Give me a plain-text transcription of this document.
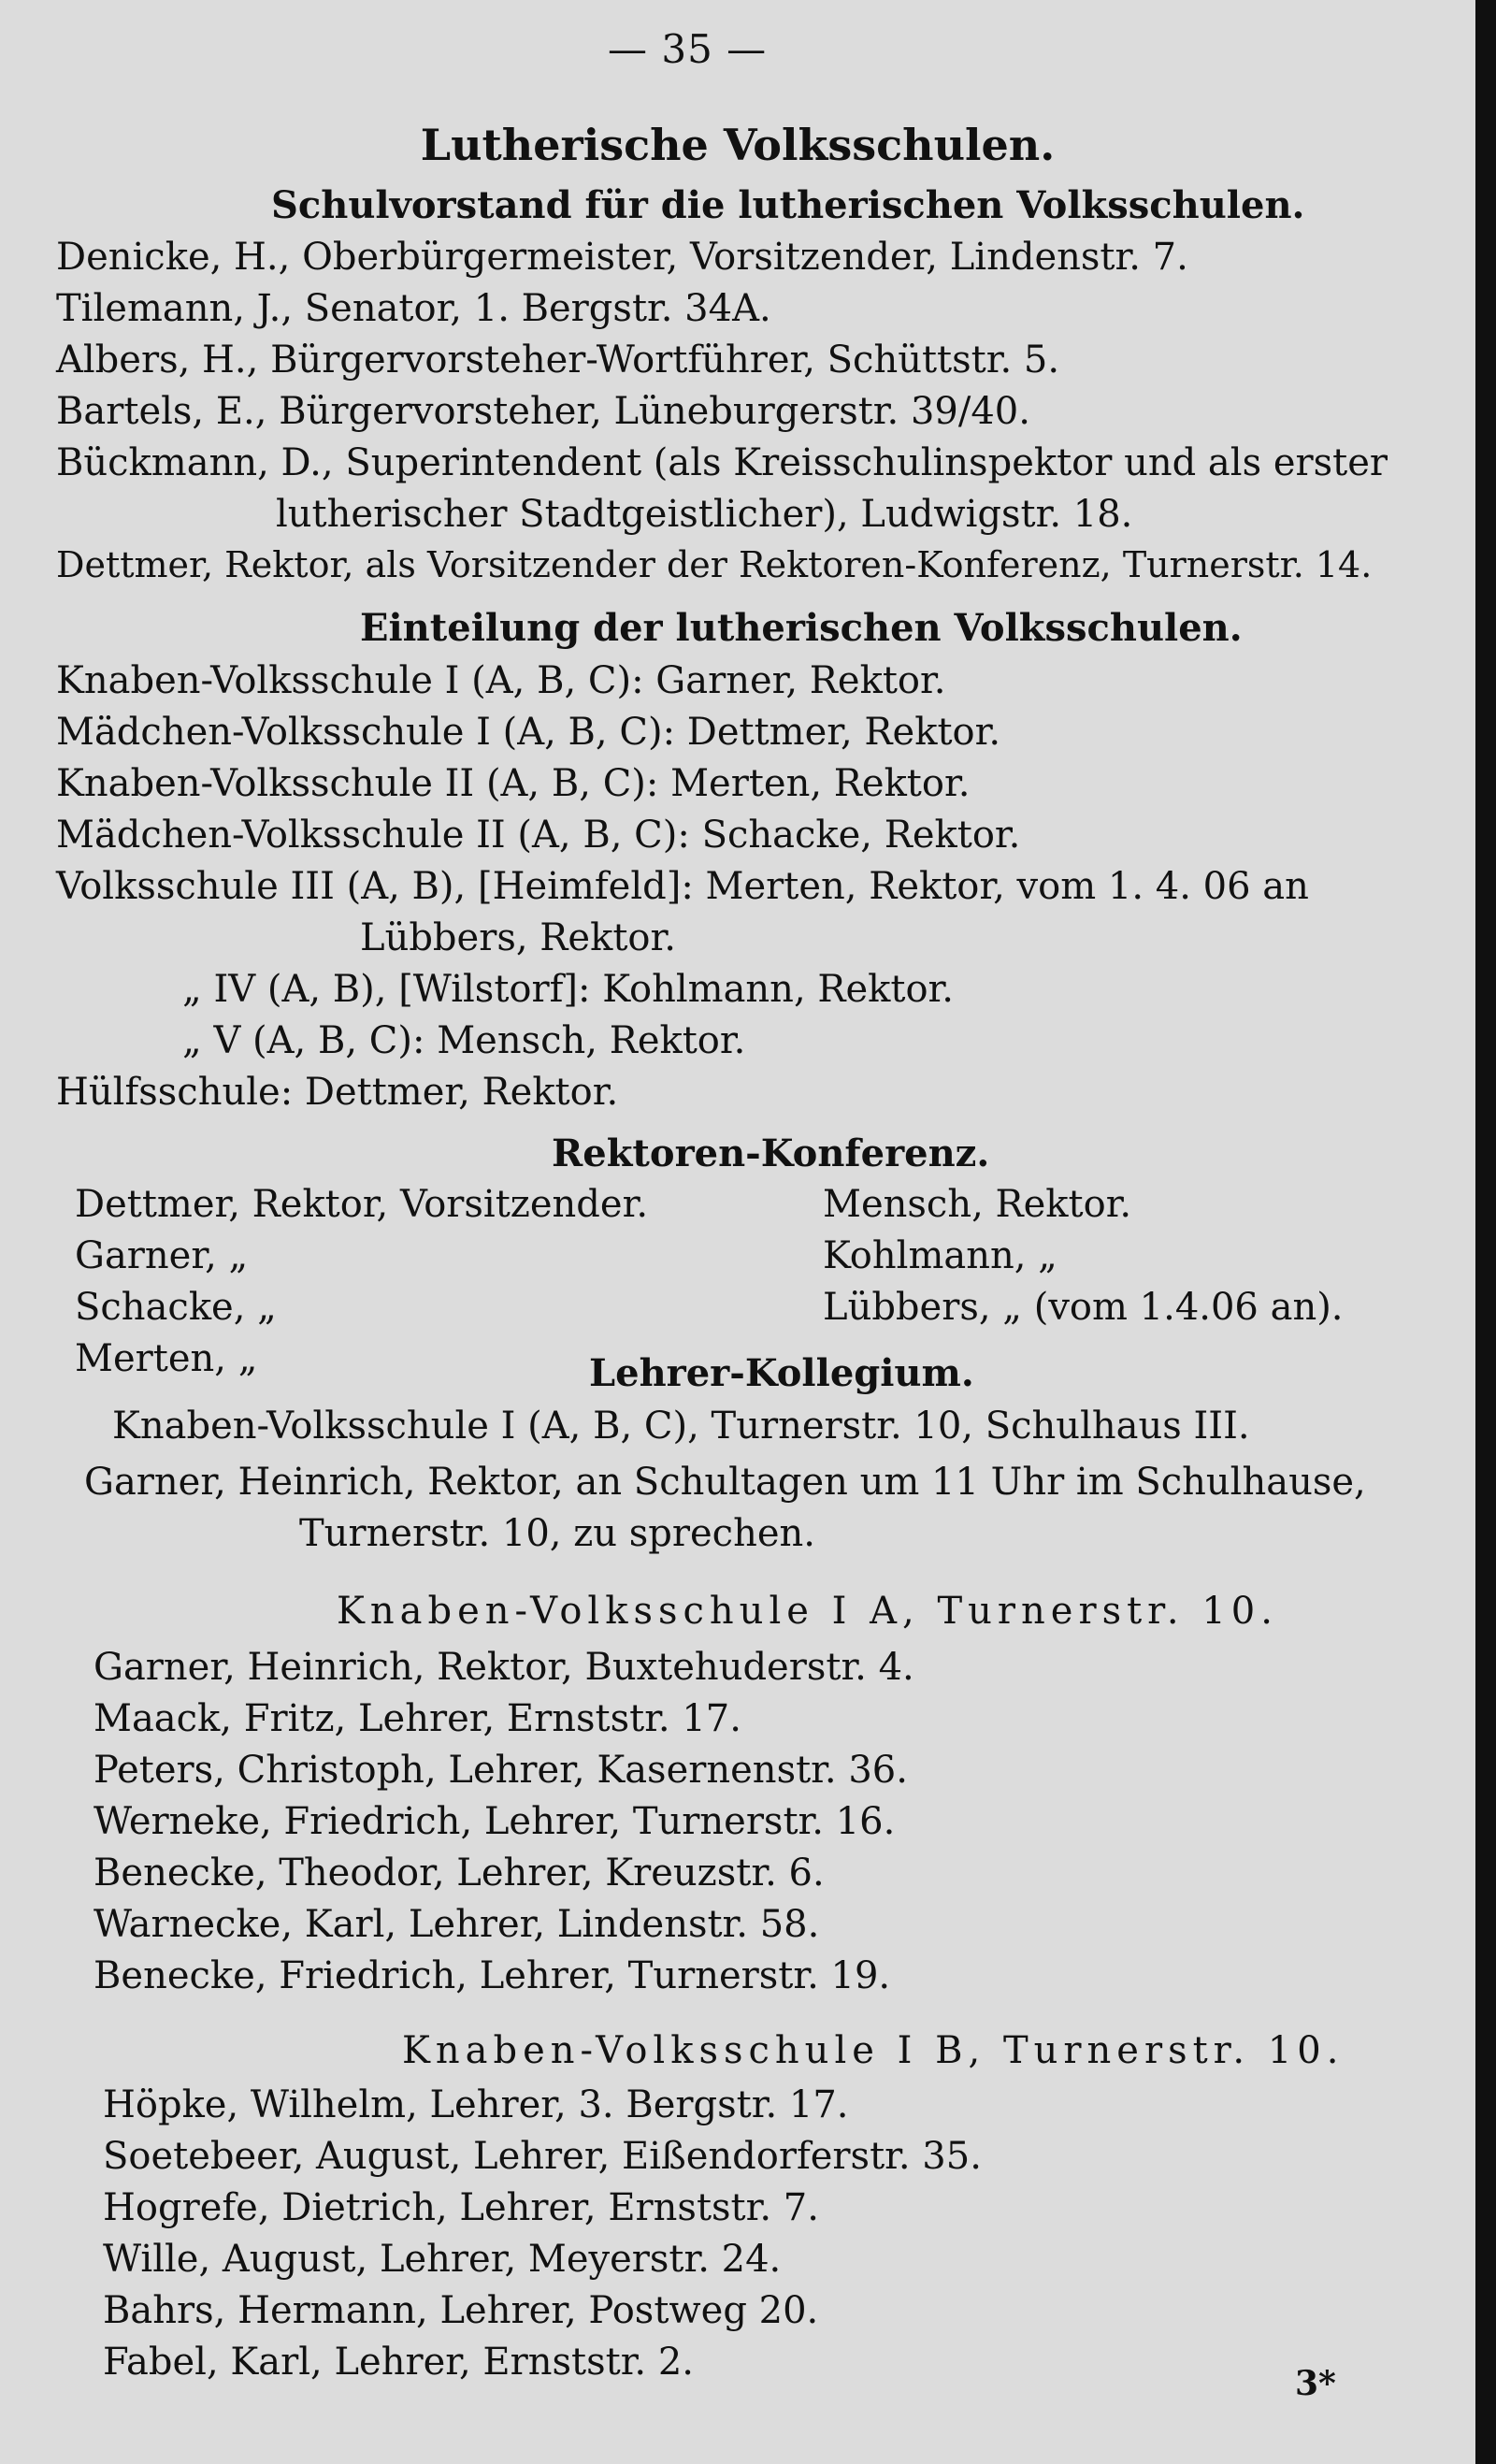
— 35 —
Lutherische Volksschulen.
Schulvorstand für die lutherischen Volksschulen.
Denicke, H., Oberbürgermeister, Vorsitzender, Lindenstr. 7.
Tilemann, J., Senator, 1. Bergstr. 34A.
Albers, H., Bürgervorsteher-Wortführer, Schüttstr. 5.
Bartels, E., Bürgervorsteher, Lüneburgerstr. 39/40.
Bückmann, D., Superintendent (als Kreisschulinspektor und als erster
lutherischer Stadtgeistlicher), Ludwigstr. 18.
Dettmer, Rektor, als Vorsitzender der Rektoren-Konferenz, Turnerstr. 14.
Einteilung der lutherischen Volksschulen.
Knaben-Volksschule I (A, B, C): Garner, Rektor.
Mädchen-Volksschule I (A, B, C): Dettmer, Rektor.
Knaben-Volksschule II (A, B, C): Merten, Rektor.
Mädchen-Volksschule II (A, B, C): Schacke, Rektor.
Volksschule III (A, B), [Heimfeld]: Merten, Rektor, vom 1. 4. 06 an
Lübbers, Rektor.
„ IV (A, B), [Wilstorf]: Kohlmann, Rektor.
„ V (A, B, C): Mensch, Rektor.
Hülfsschule: Dettmer, Rektor.
Rektoren-Konferenz.
Dettmer, Rektor, Vorsitzender.
Garner, „
Schacke, „
Merten, „
Mensch, Rektor.
Kohlmann, „
Lübbers, „ (vom 1.4.06 an).
Lehrer-Kollegium.
Knaben-Volksschule I (A, B, C), Turnerstr. 10, Schulhaus III.
Garner, Heinrich, Rektor, an Schultagen um 11 Uhr im Schulhause,
Turnerstr. 10, zu sprechen.
Knaben-Volksschule I A, Turnerstr. 10.
Garner, Heinrich, Rektor, Buxtehuderstr. 4.
Maack, Fritz, Lehrer, Ernststr. 17.
Peters, Christoph, Lehrer, Kasernenstr. 36.
Werneke, Friedrich, Lehrer, Turnerstr. 16.
Benecke, Theodor, Lehrer, Kreuzstr. 6.
Warnecke, Karl, Lehrer, Lindenstr. 58.
Benecke, Friedrich, Lehrer, Turnerstr. 19.
Knaben-Volksschule I B, Turnerstr. 10.
Höpke, Wilhelm, Lehrer, 3. Bergstr. 17.
Soetebeer, August, Lehrer, Eißendorferstr. 35.
Hogrefe, Dietrich, Lehrer, Ernststr. 7.
Wille, August, Lehrer, Meyerstr. 24.
Bahrs, Hermann, Lehrer, Postweg 20.
Fabel, Karl, Lehrer, Ernststr. 2.	3*
